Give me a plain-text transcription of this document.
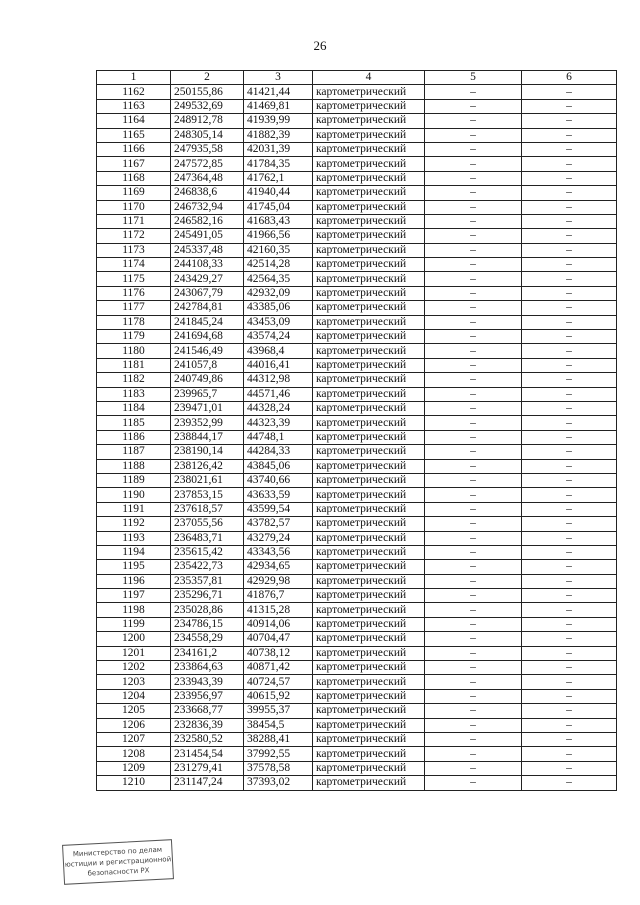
26
1	2	3	4	5	6
1162	250155,86	41421,44	картометрический	–	–
1163	249532,69	41469,81	картометрический	–	–
1164	248912,78	41939,99	картометрический	–	–
1165	248305,14	41882,39	картометрический	–	–
1166	247935,58	42031,39	картометрический	–	–
1167	247572,85	41784,35	картометрический	–	–
1168	247364,48	41762,1	картометрический	–	–
1169	246838,6	41940,44	картометрический	–	–
1170	246732,94	41745,04	картометрический	–	–
1171	246582,16	41683,43	картометрический	–	–
1172	245491,05	41966,56	картометрический	–	–
1173	245337,48	42160,35	картометрический	–	–
1174	244108,33	42514,28	картометрический	–	–
1175	243429,27	42564,35	картометрический	–	–
1176	243067,79	42932,09	картометрический	–	–
1177	242784,81	43385,06	картометрический	–	–
1178	241845,24	43453,09	картометрический	–	–
1179	241694,68	43574,24	картометрический	–	–
1180	241546,49	43968,4	картометрический	–	–
1181	241057,8	44016,41	картометрический	–	–
1182	240749,86	44312,98	картометрический	–	–
1183	239965,7	44571,46	картометрический	–	–
1184	239471,01	44328,24	картометрический	–	–
1185	239352,99	44323,39	картометрический	–	–
1186	238844,17	44748,1	картометрический	–	–
1187	238190,14	44284,33	картометрический	–	–
1188	238126,42	43845,06	картометрический	–	–
1189	238021,61	43740,66	картометрический	–	–
1190	237853,15	43633,59	картометрический	–	–
1191	237618,57	43599,54	картометрический	–	–
1192	237055,56	43782,57	картометрический	–	–
1193	236483,71	43279,24	картометрический	–	–
1194	235615,42	43343,56	картометрический	–	–
1195	235422,73	42934,65	картометрический	–	–
1196	235357,81	42929,98	картометрический	–	–
1197	235296,71	41876,7	картометрический	–	–
1198	235028,86	41315,28	картометрический	–	–
1199	234786,15	40914,06	картометрический	–	–
1200	234558,29	40704,47	картометрический	–	–
1201	234161,2	40738,12	картометрический	–	–
1202	233864,63	40871,42	картометрический	–	–
1203	233943,39	40724,57	картометрический	–	–
1204	233956,97	40615,92	картометрический	–	–
1205	233668,77	39955,37	картометрический	–	–
1206	232836,39	38454,5	картометрический	–	–
1207	232580,52	38288,41	картометрический	–	–
1208	231454,54	37992,55	картометрический	–	–
1209	231279,41	37578,58	картометрический	–	–
1210	231147,24	37393,02	картометрический	–	–
Министерство по делам
юстиции и регистрационной
безопасности РХ
